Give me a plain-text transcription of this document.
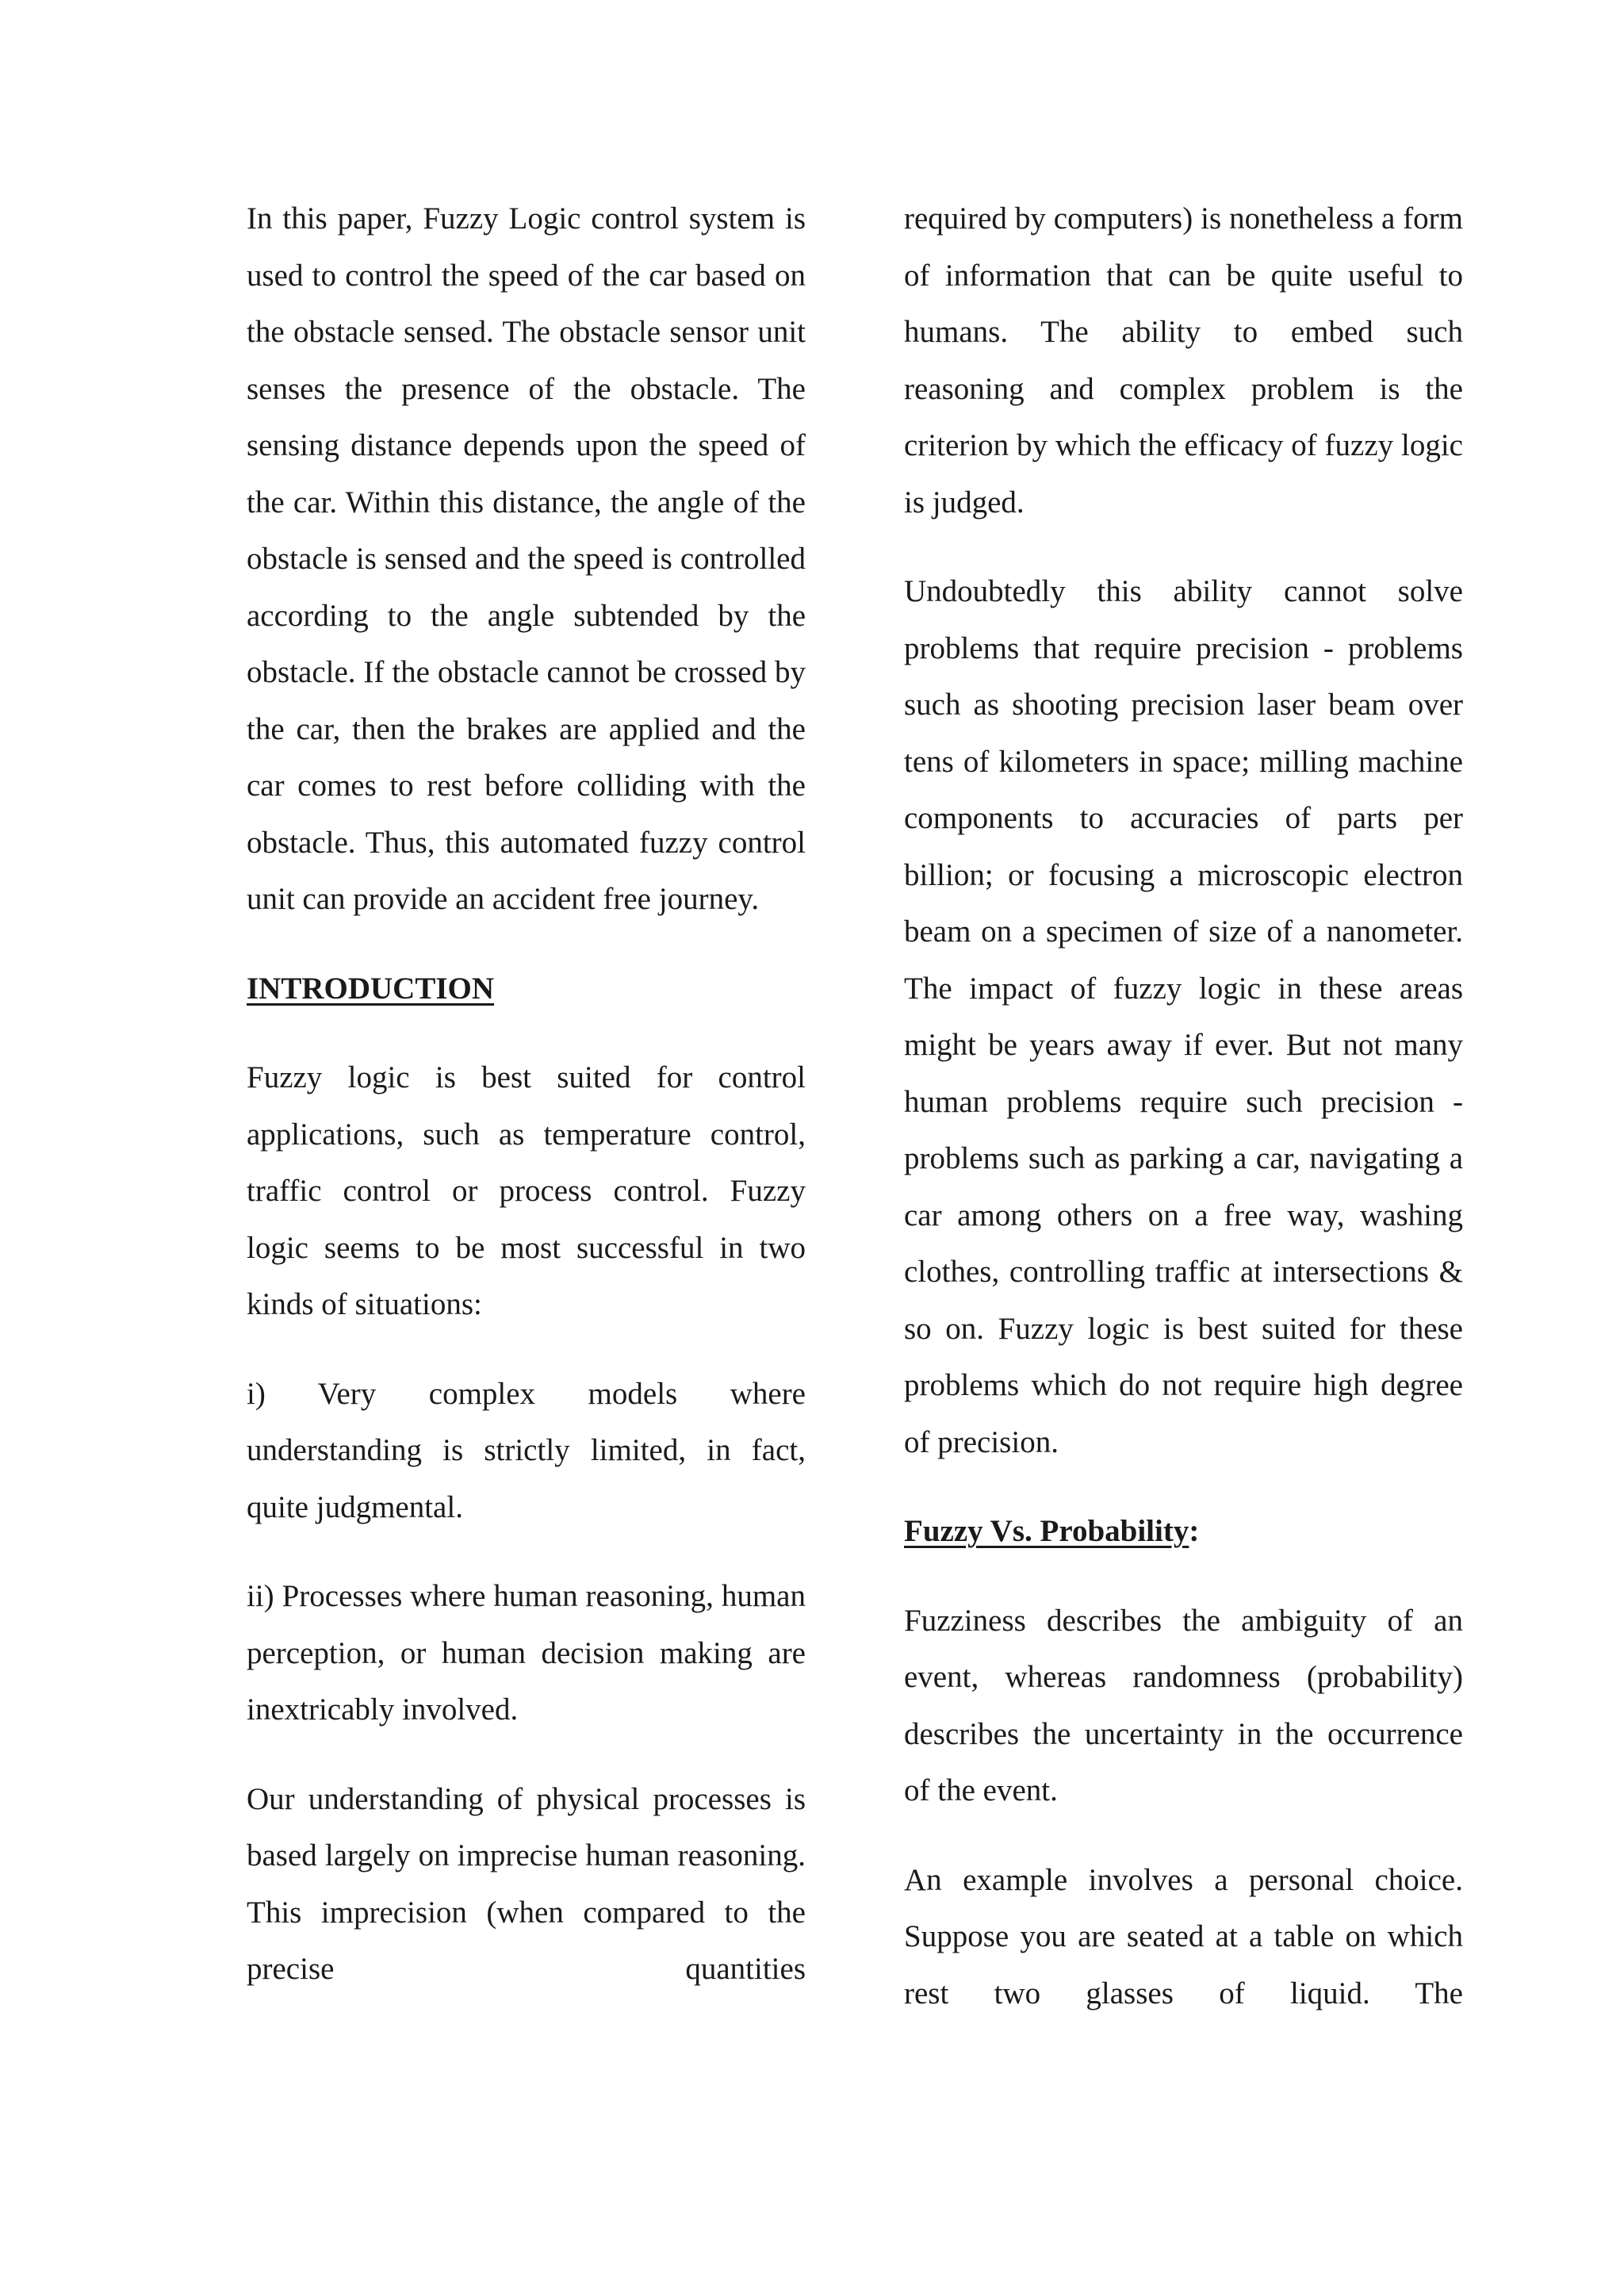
In this paper, Fuzzy Logic control system is used to control the speed of the car based on the obstacle sensed. The obstacle sensor unit senses the presence of the obstacle. The sensing distance depends upon the speed of the car. Within this distance, the angle of the obstacle is sensed and the speed is controlled according to the angle subtended by the obstacle. If the obstacle cannot be crossed by the car, then the brakes are applied and the car comes to rest before colliding with the obstacle. Thus, this automated fuzzy control unit can provide an accident free journey.

INTRODUCTION

Fuzzy logic is best suited for control applications, such as temperature control, traffic control or process control. Fuzzy logic seems to be most successful in two kinds of situations:

i) Very complex models where understanding is strictly limited, in fact, quite judgmental.

ii) Processes where human reasoning, human perception, or human decision making are inextricably involved.

Our understanding of physical processes is based largely on imprecise human reasoning. This imprecision (when compared to the precise quantities

required by computers) is nonetheless a form of information that can be quite useful to humans. The ability to embed such reasoning and complex problem is the criterion by which the efficacy of fuzzy logic is judged.

Undoubtedly this ability cannot solve problems that require precision - problems such as shooting precision laser beam over tens of kilometers in space; milling machine components to accuracies of parts per billion; or focusing a microscopic electron beam on a specimen of size of a nanometer. The impact of fuzzy logic in these areas might be years away if ever. But not many human problems require such precision - problems such as parking a car, navigating a car among others on a free way, washing clothes, controlling traffic at intersections & so on. Fuzzy logic is best suited for these problems which do not require high degree of precision.

Fuzzy Vs. Probability:

Fuzziness describes the ambiguity of an event, whereas randomness (probability) describes the uncertainty in the occurrence of the event.

An example involves a personal choice. Suppose you are seated at a table on which rest two glasses of liquid. The
